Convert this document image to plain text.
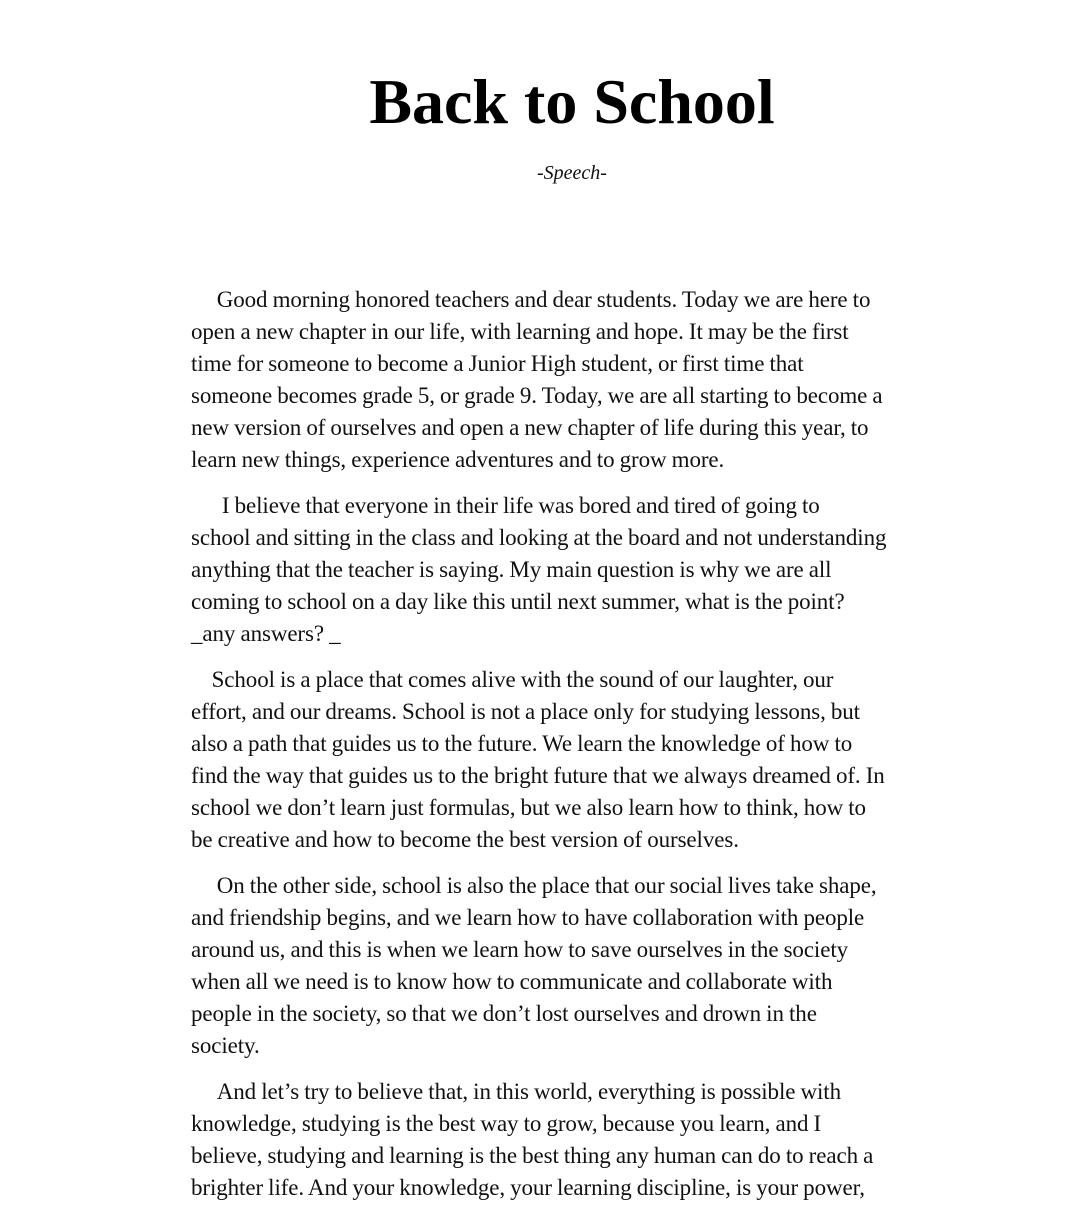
Back to School

-Speech-

Good morning honored teachers and dear students. Today we are here to
open a new chapter in our life, with learning and hope. It may be the first
time for someone to become a Junior High student, or first time that
someone becomes grade 5, or grade 9. Today, we are all starting to become a
new version of ourselves and open a new chapter of life during this year, to
learn new things, experience adventures and to grow more.

I believe that everyone in their life was bored and tired of going to
school and sitting in the class and looking at the board and not understanding
anything that the teacher is saying. My main question is why we are all
coming to school on a day like this until next summer, what is the point?
_any answers? _

School is a place that comes alive with the sound of our laughter, our
effort, and our dreams. School is not a place only for studying lessons, but
also a path that guides us to the future. We learn the knowledge of how to
find the way that guides us to the bright future that we always dreamed of. In
school we don’t learn just formulas, but we also learn how to think, how to
be creative and how to become the best version of ourselves.

On the other side, school is also the place that our social lives take shape,
and friendship begins, and we learn how to have collaboration with people
around us, and this is when we learn how to save ourselves in the society
when all we need is to know how to communicate and collaborate with
people in the society, so that we don’t lost ourselves and drown in the
society.

And let’s try to believe that, in this world, everything is possible with
knowledge, studying is the best way to grow, because you learn, and I
believe, studying and learning is the best thing any human can do to reach a
brighter life. And your knowledge, your learning discipline, is your power,
